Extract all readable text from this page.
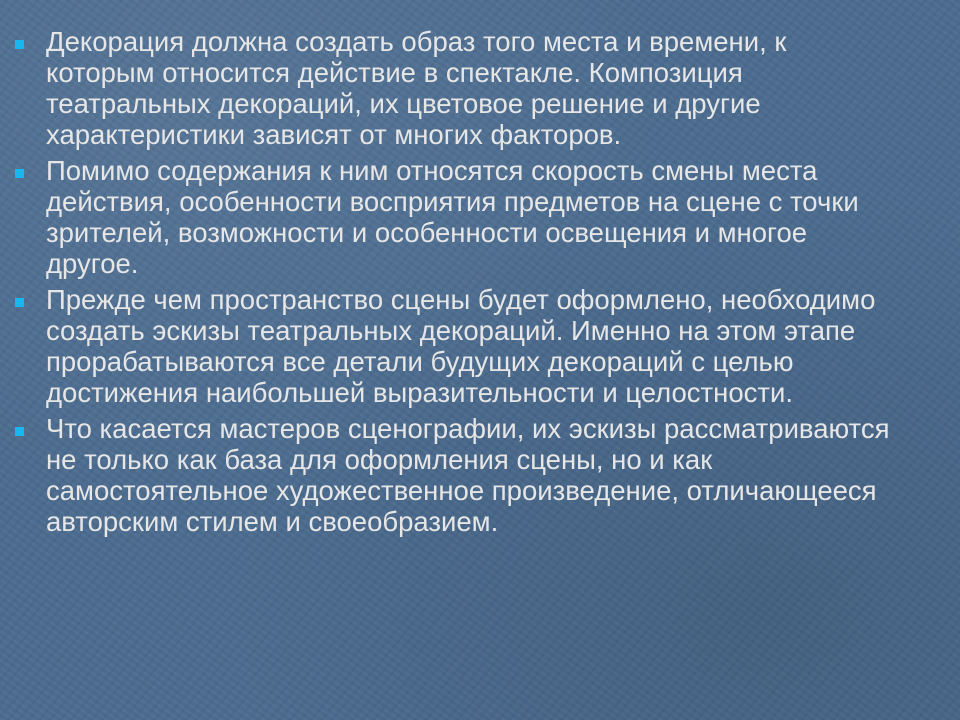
Декорация должна создать образ того места и времени, к которым относится действие в спектакле. Композиция театральных декораций, их цветовое решение и другие характеристики зависят от многих факторов.
Помимо содержания к ним относятся скорость смены места действия, особенности восприятия предметов на сцене с точки зрителей, возможности и особенности освещения и многое другое.
Прежде чем пространство сцены будет оформлено, необходимо создать эскизы театральных декораций. Именно на этом этапе прорабатываются все детали будущих декораций с целью достижения наибольшей выразительности и целостности.
Что касается мастеров сценографии, их эскизы рассматриваются не только как база для оформления сцены, но и как самостоятельное художественное произведение, отличающееся авторским стилем и своеобразием.
